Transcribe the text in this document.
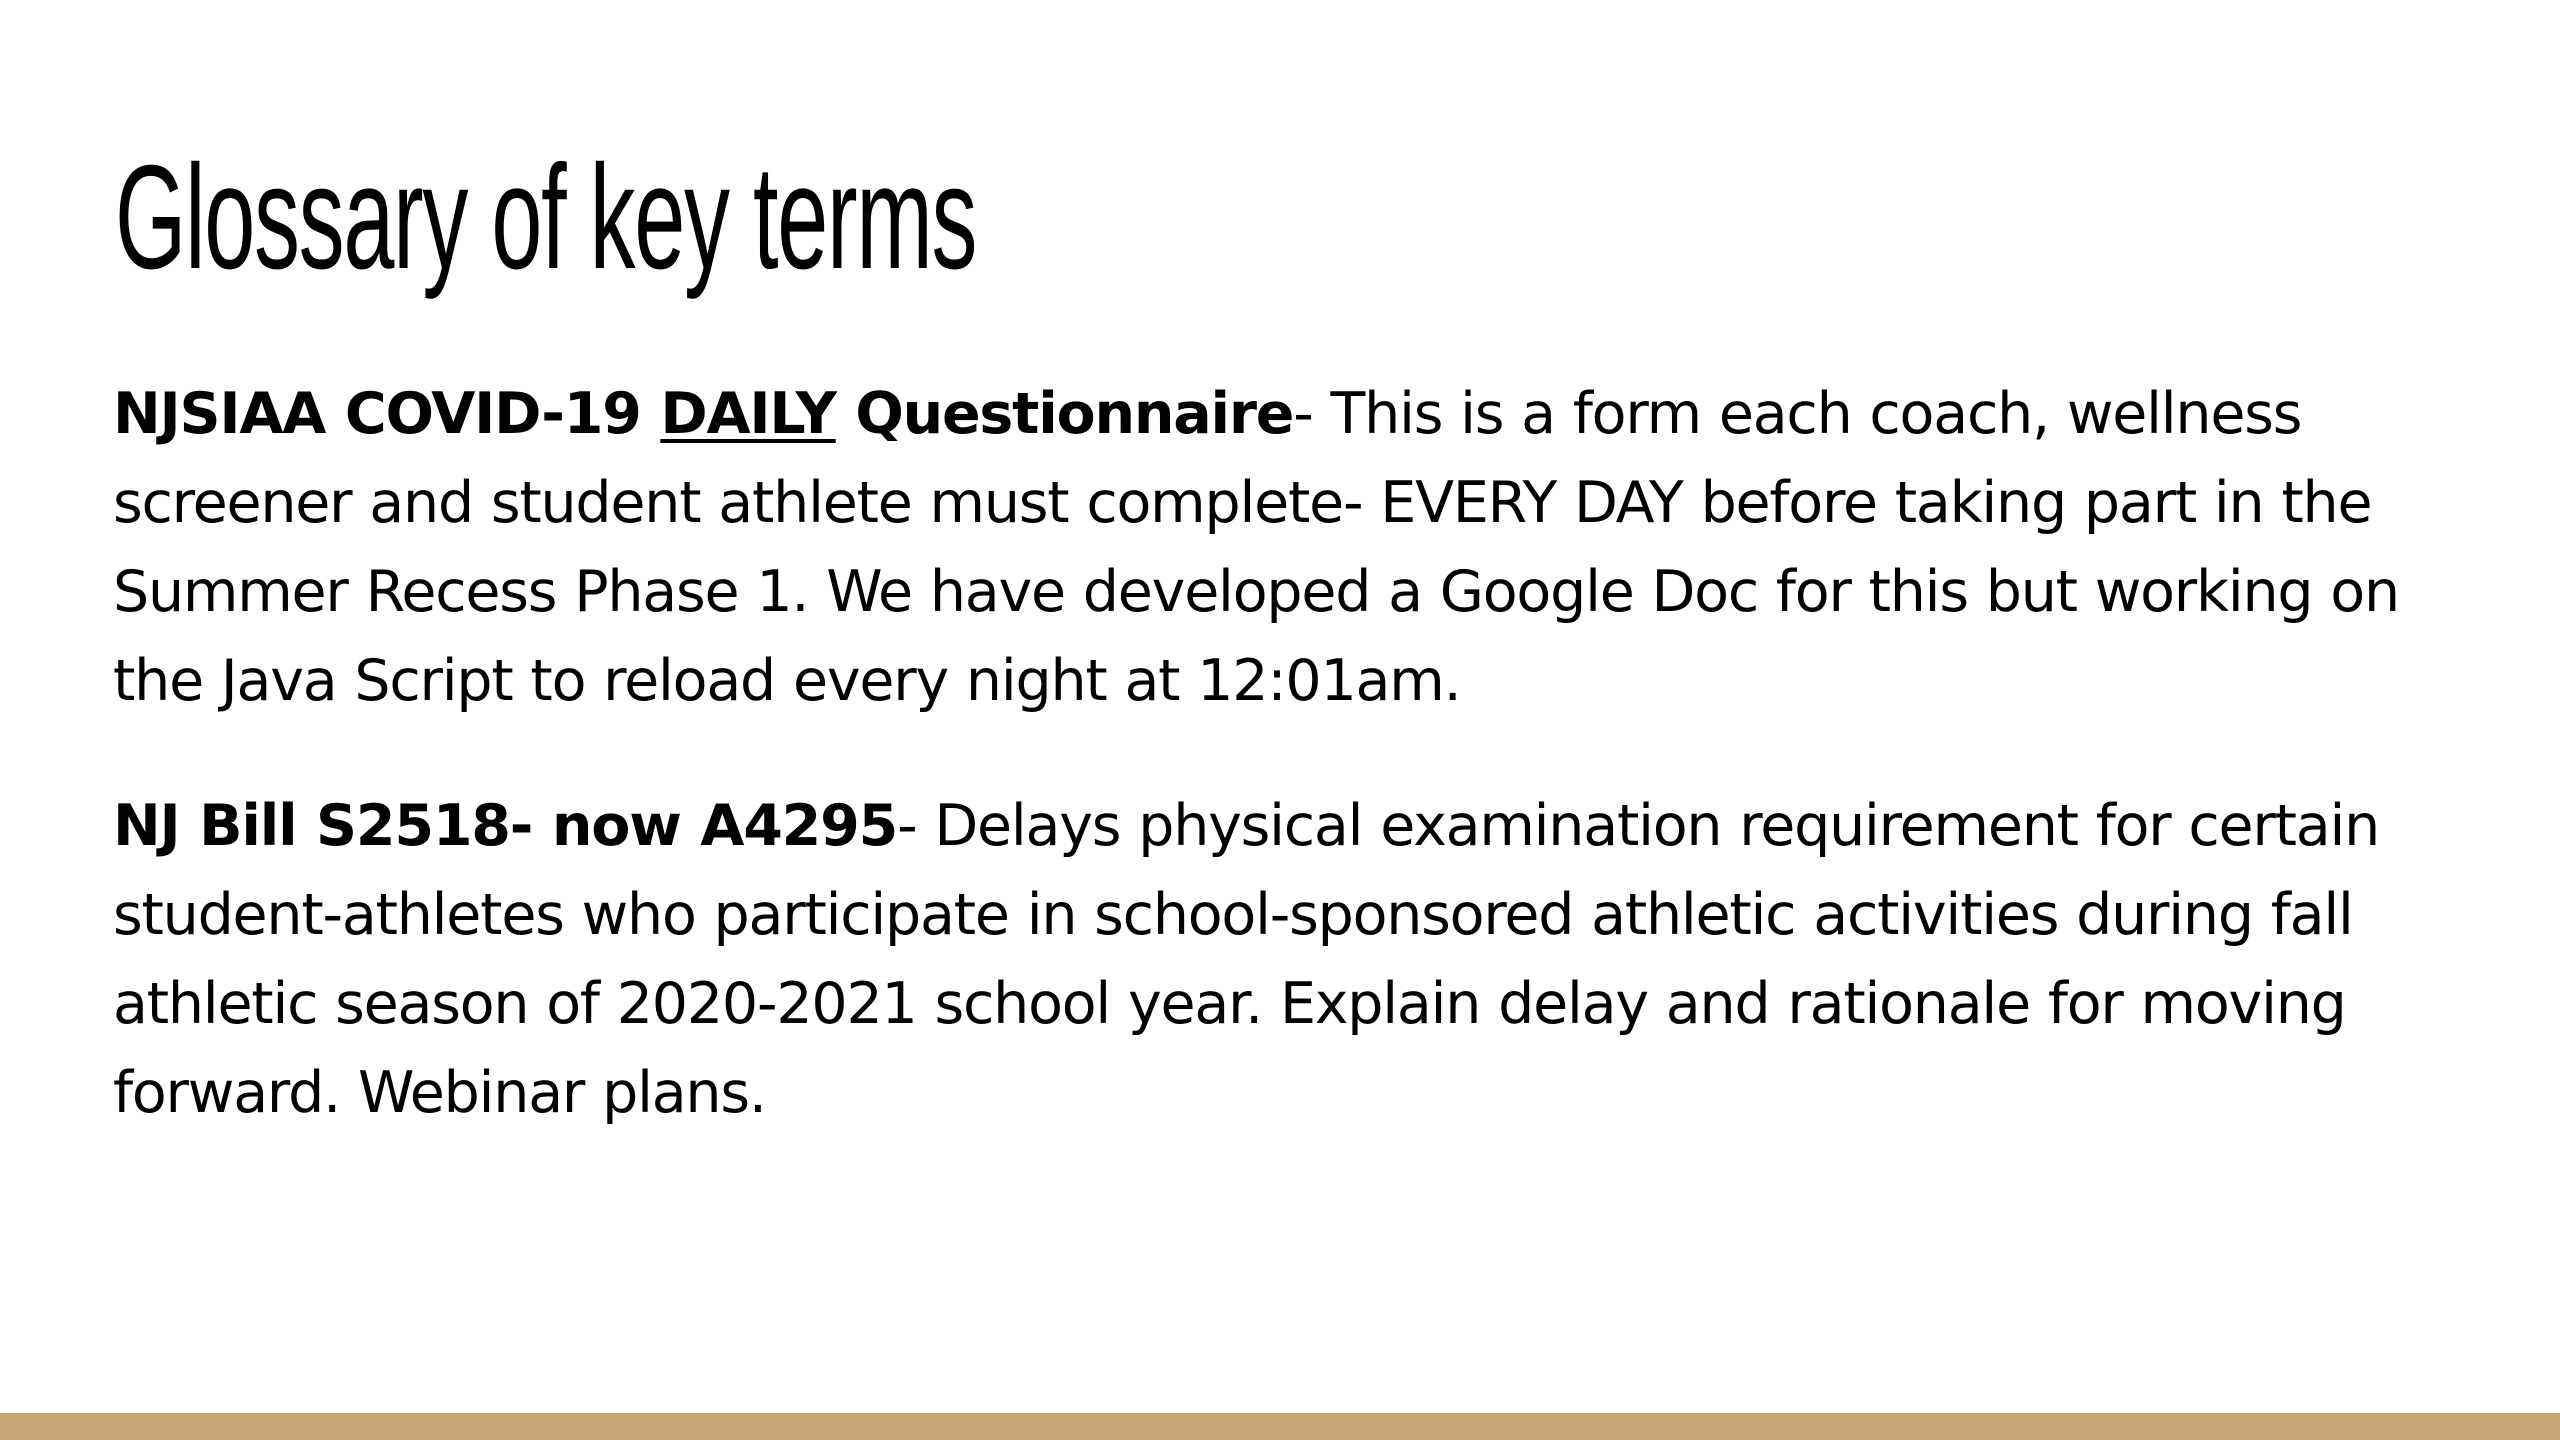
Glossary of key terms

NJSIAA COVID-19 DAILY Questionnaire- This is a form each coach, wellness screener and student athlete must complete- EVERY DAY before taking part in the Summer Recess Phase 1. We have developed a Google Doc for this but working on the Java Script to reload every night at 12:01am.

NJ Bill S2518- now A4295- Delays physical examination requirement for certain student-athletes who participate in school-sponsored athletic activities during fall athletic season of 2020-2021 school year. Explain delay and rationale for moving forward. Webinar plans.
